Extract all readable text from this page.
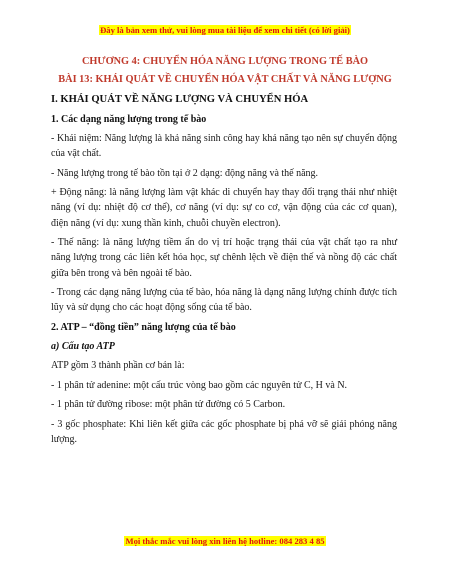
Đây là bản xem thử, vui lòng mua tài liệu để xem chi tiết (có lời giải)
CHƯƠNG 4: CHUYỂN HÓA NĂNG LƯỢNG TRONG TẾ BÀO
BÀI 13: KHÁI QUÁT VỀ CHUYỂN HÓA VẬT CHẤT VÀ NĂNG LƯỢNG

I. KHÁI QUÁT VỀ NĂNG LƯỢNG VÀ CHUYỂN HÓA

1. Các dạng năng lượng trong tế bào

- Khái niệm: Năng lượng là khả năng sinh công hay khả năng tạo nên sự chuyển động của vật chất.

- Năng lượng trong tế bào tồn tại ở 2 dạng: động năng và thế năng.

+ Động năng: là năng lượng làm vật khác di chuyển hay thay đổi trạng thái như nhiệt năng (ví dụ: nhiệt độ cơ thể), cơ năng (ví dụ: sự co cơ, vận động của các cơ quan), điện năng (ví dụ: xung thần kinh, chuỗi chuyền electron).

- Thế năng: là năng lượng tiềm ẩn do vị trí hoặc trạng thái của vật chất tạo ra như năng lượng trong các liên kết hóa học, sự chênh lệch về điện thế và nồng độ các chất giữa bên trong và bên ngoài tế bào.

- Trong các dạng năng lượng của tế bào, hóa năng là dạng năng lượng chính được tích lũy và sử dụng cho các hoạt động sống của tế bào.

2. ATP – “đồng tiền” năng lượng của tế bào

a) Cấu tạo ATP

ATP gồm 3 thành phần cơ bản là:

- 1 phân tử adenine: một cấu trúc vòng bao gồm các nguyên tử C, H và N.

- 1 phân tử đường ribose: một phân tử đường có 5 Carbon.

- 3 gốc phosphate: Khi liên kết giữa các gốc phosphate bị phá vỡ sẽ giải phóng năng lượng.

Mọi thắc mắc vui lòng xin liên hệ hotline: 084 283 4 85
